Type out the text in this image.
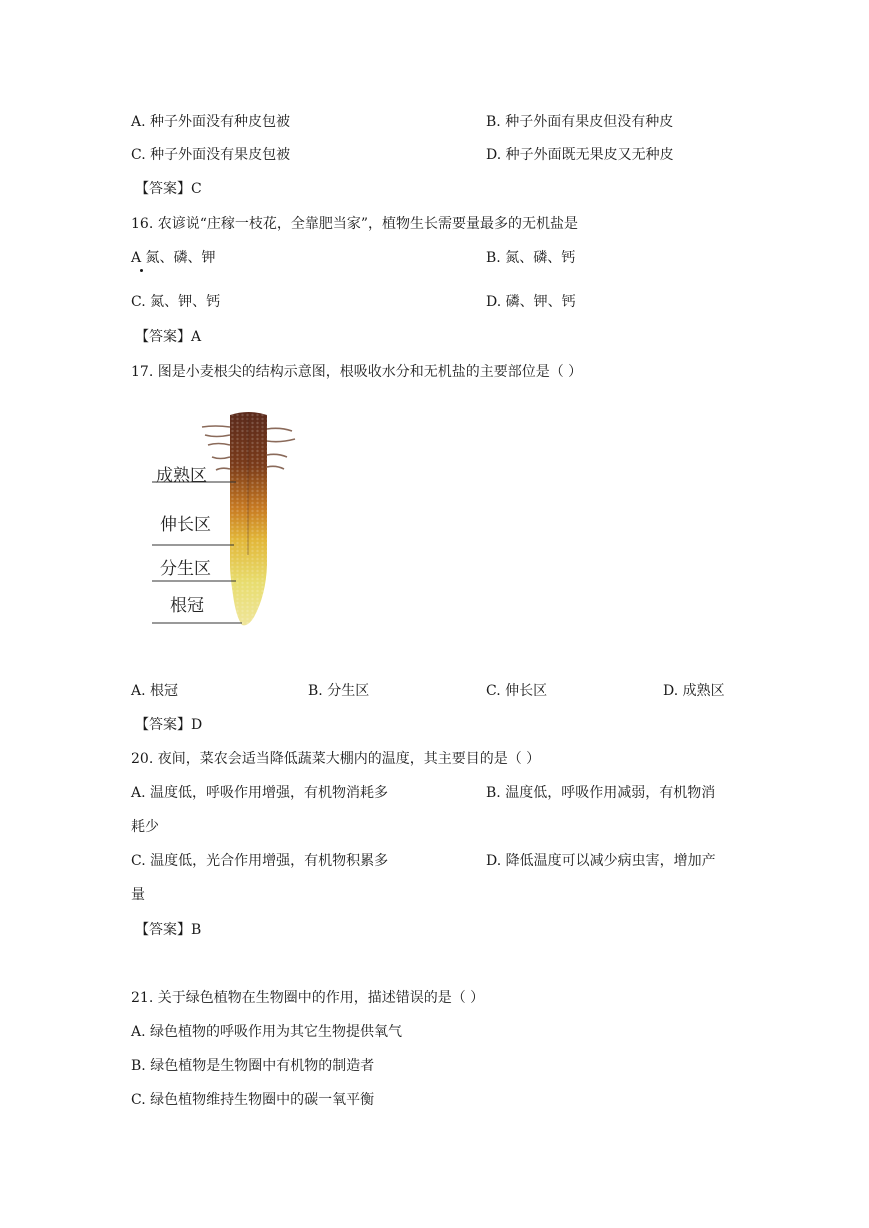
A. 种子外面没有种皮包被	B. 种子外面有果皮但没有种皮
C. 种子外面没有果皮包被	D. 种子外面既无果皮又无种皮
【答案】C
16. 农谚说“庄稼一枝花，全靠肥当家”，植物生长需要量最多的无机盐是
A 氮、磷、钾	B. 氮、磷、钙
C. 氮、钾、钙	D. 磷、钾、钙
【答案】A
17. 图是小麦根尖的结构示意图，根吸收水分和无机盐的主要部位是（ ）
成熟区
伸长区
分生区
根冠
A. 根冠	B. 分生区	C. 伸长区	D. 成熟区
【答案】D
20. 夜间，菜农会适当降低蔬菜大棚内的温度，其主要目的是（ ）
A. 温度低，呼吸作用增强，有机物消耗多	B. 温度低，呼吸作用减弱，有机物消
耗少
C. 温度低，光合作用增强，有机物积累多	D. 降低温度可以减少病虫害，增加产
量
【答案】B
21. 关于绿色植物在生物圈中的作用，描述错误的是（ ）
A. 绿色植物的呼吸作用为其它生物提供氧气
B. 绿色植物是生物圈中有机物的制造者
C. 绿色植物维持生物圈中的碳一氧平衡
